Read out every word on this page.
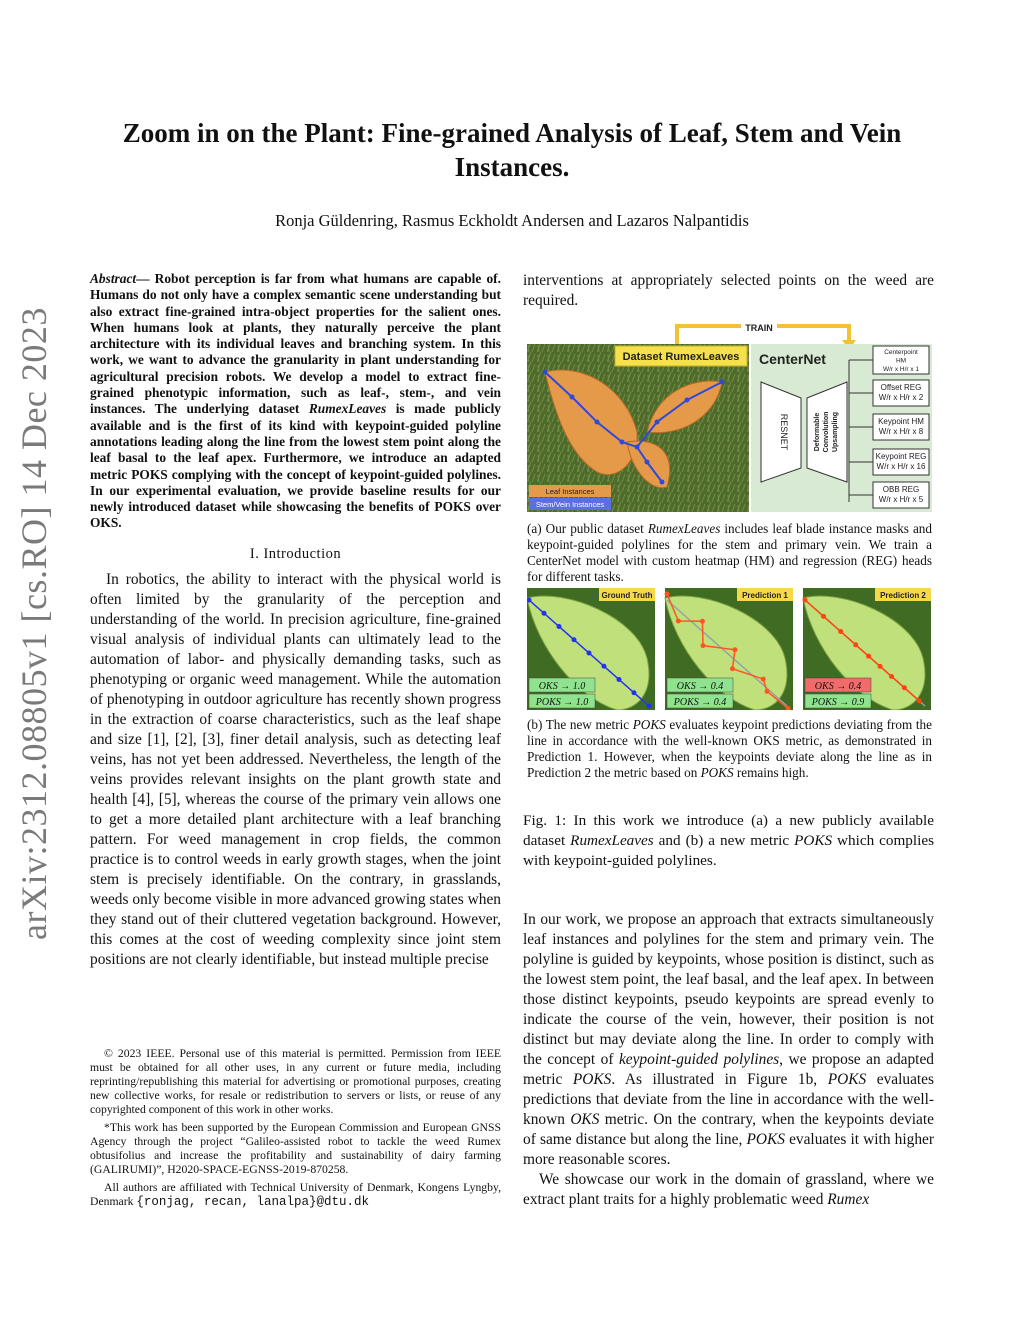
arXiv:2312.08805v1 [cs.RO] 14 Dec 2023
Zoom in on the Plant: Fine-grained Analysis of Leaf, Stem and Vein Instances.
Ronja Güldenring, Rasmus Eckholdt Andersen and Lazaros Nalpantidis
Abstract— Robot perception is far from what humans are capable of. Humans do not only have a complex semantic scene understanding but also extract fine-grained intra-object properties for the salient ones. When humans look at plants, they naturally perceive the plant architecture with its individual leaves and branching system. In this work, we want to advance the granularity in plant understanding for agricultural precision robots. We develop a model to extract fine-grained phenotypic information, such as leaf-, stem-, and vein instances. The underlying dataset RumexLeaves is made publicly available and is the first of its kind with keypoint-guided polyline annotations leading along the line from the lowest stem point along the leaf basal to the leaf apex. Furthermore, we introduce an adapted metric POKS complying with the concept of keypoint-guided polylines. In our experimental evaluation, we provide baseline results for our newly introduced dataset while showcasing the benefits of POKS over OKS.
I. Introduction

In robotics, the ability to interact with the physical world is often limited by the granularity of the perception and understanding of the world. In precision agriculture, fine-grained visual analysis of individual plants can ultimately lead to the automation of labor- and physically demanding tasks, such as phenotyping or organic weed management. While the automation of phenotyping in outdoor agriculture has recently shown progress in the extraction of coarse characteristics, such as the leaf shape and size [1], [2], [3], finer detail analysis, such as detecting leaf veins, has not yet been addressed. Nevertheless, the length of the veins provides relevant insights on the plant growth state and health [4], [5], whereas the course of the primary vein allows one to get a more detailed plant architecture with a leaf branching pattern. For weed management in crop fields, the common practice is to control weeds in early growth stages, when the joint stem is precisely identifiable. On the contrary, in grasslands, weeds only become visible in more advanced growing states when they stand out of their cluttered vegetation background. However, this comes at the cost of weeding complexity since joint stem positions are not clearly identifiable, but instead multiple precise

© 2023 IEEE. Personal use of this material is permitted. Permission from IEEE must be obtained for all other uses, in any current or future media, including reprinting/republishing this material for advertising or promotional purposes, creating new collective works, for resale or redistribution to servers or lists, or reuse of any copyrighted component of this work in other works.

*This work has been supported by the European Commission and European GNSS Agency through the project “Galileo-assisted robot to tackle the weed Rumex obtusifolius and increase the profitability and sustainability of dairy farming (GALIRUMI)”, H2020-SPACE-EGNSS-2019-870258.

All authors are affiliated with Technical University of Denmark, Kongens Lyngby, Denmark {ronjag, recan, lanalpa}@dtu.dk

interventions at appropriately selected points on the weed are required.

TRAIN
Dataset RumexLeaves
Leaf Instances
Stem/Vein Instances
CenterNet
RESNET	Deformable Convolution Upsampling
Centerpoint
HM
W/r x H/r x 1
Offset REG
W/r x H/r x 2
Keypoint HM
W/r x H/r x 8
Keypoint REG
W/r x H/r x 16
OBB REG
W/r x H/r x 5
(a) Our public dataset RumexLeaves includes leaf blade instance masks and keypoint-guided polylines for the stem and primary vein. We train a CenterNet model with custom heatmap (HM) and regression (REG) heads for different tasks.
Ground Truth
OKS → 1.0
POKS → 1.0
Prediction 1
OKS → 0.4
POKS → 0.4
Prediction 2
OKS → 0.4
POKS → 0.9
(b) The new metric POKS evaluates keypoint predictions deviating from the line in accordance with the well-known OKS metric, as demonstrated in Prediction 1. However, when the keypoints deviate along the line as in Prediction 2 the metric based on POKS remains high.
Fig. 1: In this work we introduce (a) a new publicly available dataset RumexLeaves and (b) a new metric POKS which complies with keypoint-guided polylines.

In our work, we propose an approach that extracts simultaneously leaf instances and polylines for the stem and primary vein. The polyline is guided by keypoints, whose position is distinct, such as the lowest stem point, the leaf basal, and the leaf apex. In between those distinct keypoints, pseudo keypoints are spread evenly to indicate the course of the vein, however, their position is not distinct but may deviate along the line. In order to comply with the concept of keypoint-guided polylines, we propose an adapted metric POKS. As illustrated in Figure 1b, POKS evaluates predictions that deviate from the line in accordance with the well-known OKS metric. On the contrary, when the keypoints deviate of same distance but along the line, POKS evaluates it with higher more reasonable scores.

We showcase our work in the domain of grassland, where we extract plant traits for a highly problematic weed Rumex
